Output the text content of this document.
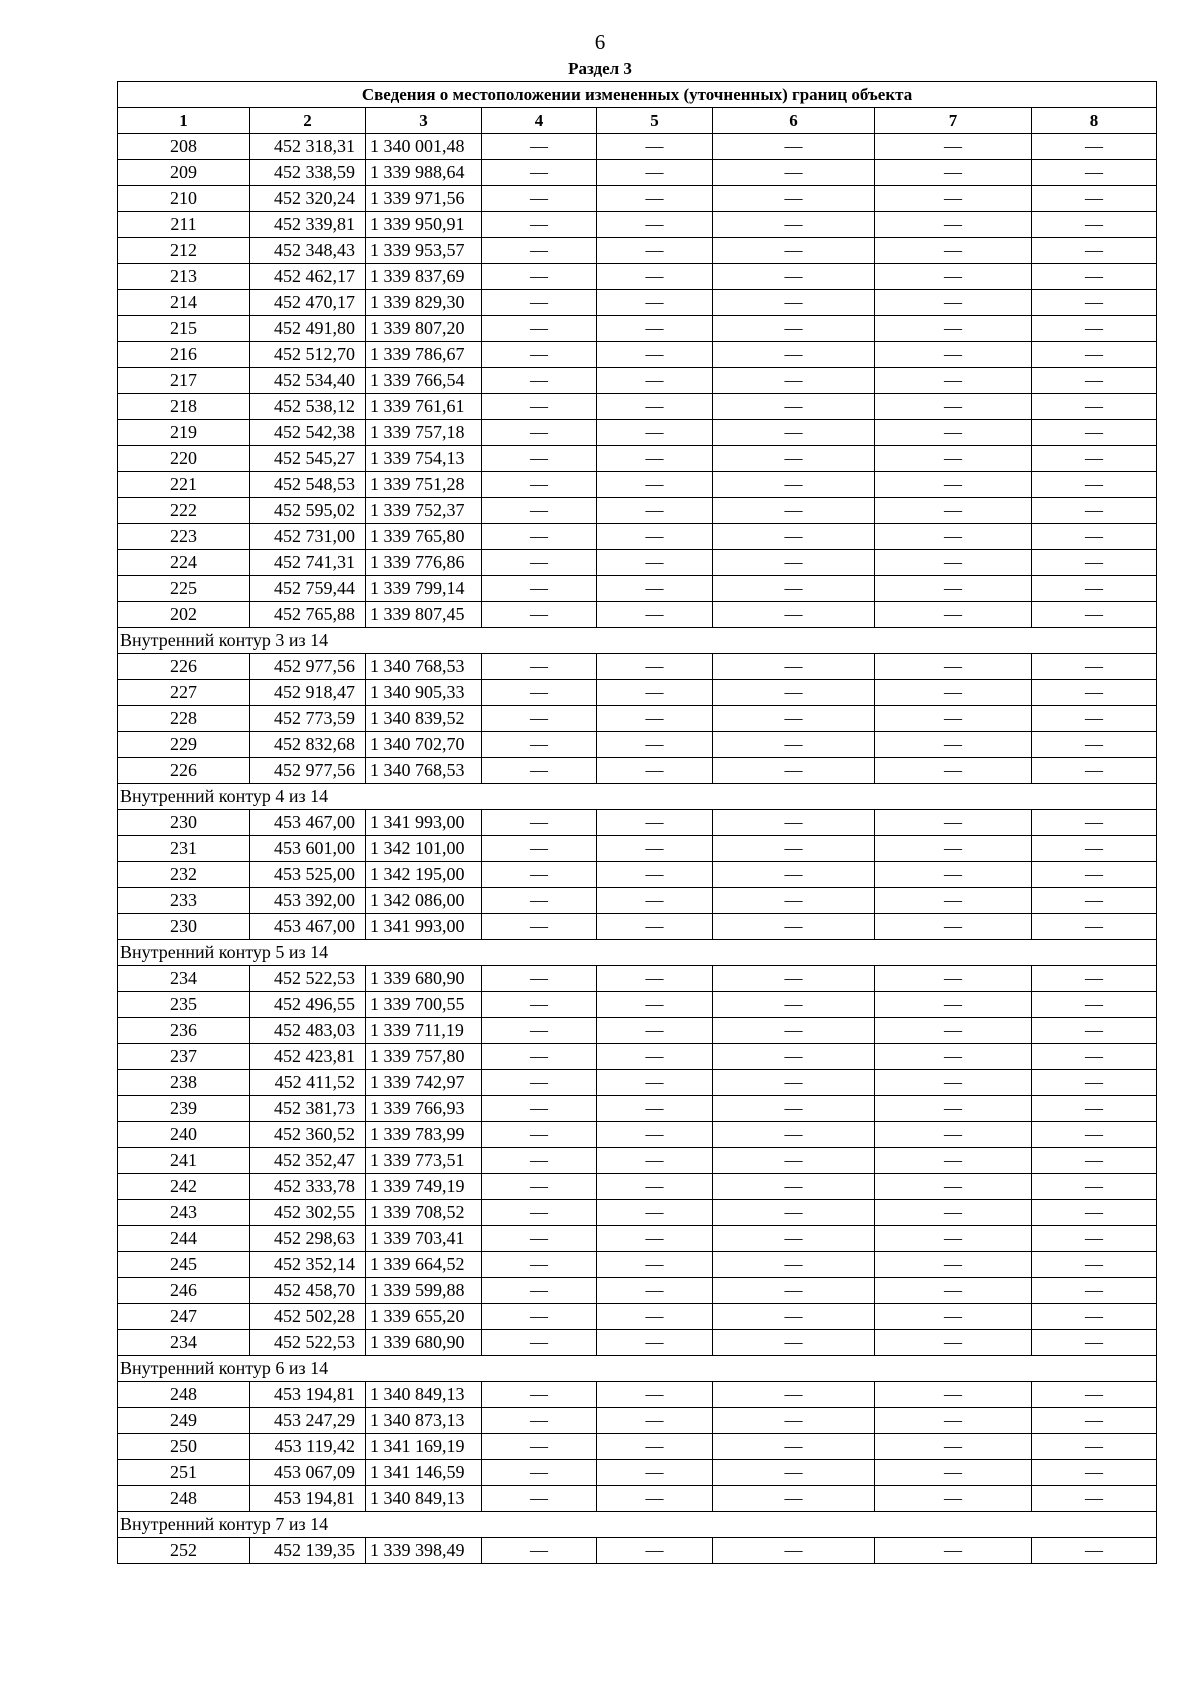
6
Раздел 3
Сведения о местоположении измененных (уточненных) границ объекта							
1	2	3	4	5	6	7	8
208	452 318,31	1 340 001,48	—	—	—	—	—
209	452 338,59	1 339 988,64	—	—	—	—	—
210	452 320,24	1 339 971,56	—	—	—	—	—
211	452 339,81	1 339 950,91	—	—	—	—	—
212	452 348,43	1 339 953,57	—	—	—	—	—
213	452 462,17	1 339 837,69	—	—	—	—	—
214	452 470,17	1 339 829,30	—	—	—	—	—
215	452 491,80	1 339 807,20	—	—	—	—	—
216	452 512,70	1 339 786,67	—	—	—	—	—
217	452 534,40	1 339 766,54	—	—	—	—	—
218	452 538,12	1 339 761,61	—	—	—	—	—
219	452 542,38	1 339 757,18	—	—	—	—	—
220	452 545,27	1 339 754,13	—	—	—	—	—
221	452 548,53	1 339 751,28	—	—	—	—	—
222	452 595,02	1 339 752,37	—	—	—	—	—
223	452 731,00	1 339 765,80	—	—	—	—	—
224	452 741,31	1 339 776,86	—	—	—	—	—
225	452 759,44	1 339 799,14	—	—	—	—	—
202	452 765,88	1 339 807,45	—	—	—	—	—
Внутренний контур 3 из 14							
226	452 977,56	1 340 768,53	—	—	—	—	—
227	452 918,47	1 340 905,33	—	—	—	—	—
228	452 773,59	1 340 839,52	—	—	—	—	—
229	452 832,68	1 340 702,70	—	—	—	—	—
226	452 977,56	1 340 768,53	—	—	—	—	—
Внутренний контур 4 из 14							
230	453 467,00	1 341 993,00	—	—	—	—	—
231	453 601,00	1 342 101,00	—	—	—	—	—
232	453 525,00	1 342 195,00	—	—	—	—	—
233	453 392,00	1 342 086,00	—	—	—	—	—
230	453 467,00	1 341 993,00	—	—	—	—	—
Внутренний контур 5 из 14							
234	452 522,53	1 339 680,90	—	—	—	—	—
235	452 496,55	1 339 700,55	—	—	—	—	—
236	452 483,03	1 339 711,19	—	—	—	—	—
237	452 423,81	1 339 757,80	—	—	—	—	—
238	452 411,52	1 339 742,97	—	—	—	—	—
239	452 381,73	1 339 766,93	—	—	—	—	—
240	452 360,52	1 339 783,99	—	—	—	—	—
241	452 352,47	1 339 773,51	—	—	—	—	—
242	452 333,78	1 339 749,19	—	—	—	—	—
243	452 302,55	1 339 708,52	—	—	—	—	—
244	452 298,63	1 339 703,41	—	—	—	—	—
245	452 352,14	1 339 664,52	—	—	—	—	—
246	452 458,70	1 339 599,88	—	—	—	—	—
247	452 502,28	1 339 655,20	—	—	—	—	—
234	452 522,53	1 339 680,90	—	—	—	—	—
Внутренний контур 6 из 14							
248	453 194,81	1 340 849,13	—	—	—	—	—
249	453 247,29	1 340 873,13	—	—	—	—	—
250	453 119,42	1 341 169,19	—	—	—	—	—
251	453 067,09	1 341 146,59	—	—	—	—	—
248	453 194,81	1 340 849,13	—	—	—	—	—
Внутренний контур 7 из 14							
252	452 139,35	1 339 398,49	—	—	—	—	—
